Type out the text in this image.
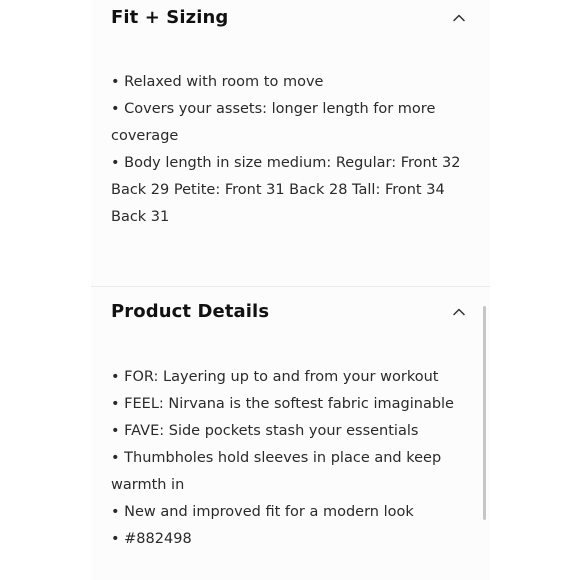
Fit + Sizing

• Relaxed with room to move

• Covers your assets: longer length for more coverage

• Body length in size medium: Regular: Front 32 Back 29 Petite: Front 31 Back 28 Tall: Front 34 Back 31

Product Details

• FOR: Layering up to and from your workout

• FEEL: Nirvana is the softest fabric imaginable

• FAVE: Side pockets stash your essentials

• Thumbholes hold sleeves in place and keep warmth in

• New and improved fit for a modern look

• #882498
